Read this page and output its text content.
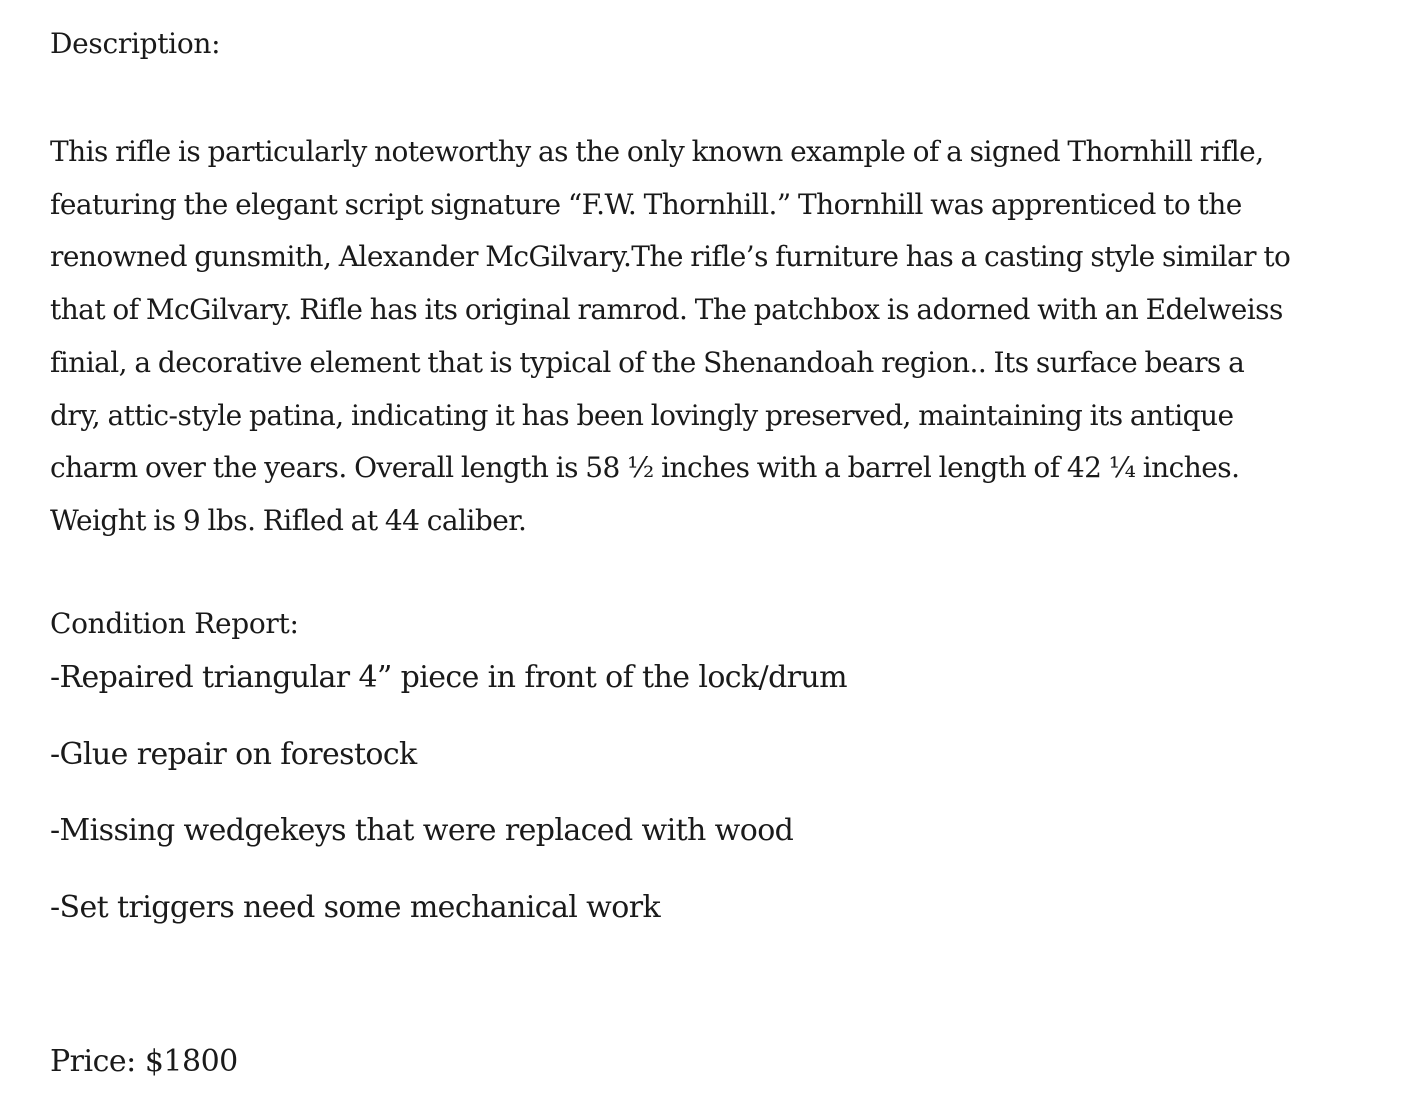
Description:

This rifle is particularly noteworthy as the only known example of a signed Thornhill rifle, featuring the elegant script signature “F.W. Thornhill.” Thornhill was apprenticed to the renowned gunsmith, Alexander McGilvary.The rifle’s furniture has a casting style similar to that of McGilvary. Rifle has its original ramrod. The patchbox is adorned with an Edelweiss finial, a decorative element that is typical of the Shenandoah region.. Its surface bears a dry, attic-style patina, indicating it has been lovingly preserved, maintaining its antique charm over the years. Overall length is 58 ½ inches with a barrel length of 42 ¼ inches. Weight is 9 lbs. Rifled at 44 caliber.

Condition Report:
-Repaired triangular 4” piece in front of the lock/drum
-Glue repair on forestock
-Missing wedgekeys that were replaced with wood
-Set triggers need some mechanical work
Price: $1800
